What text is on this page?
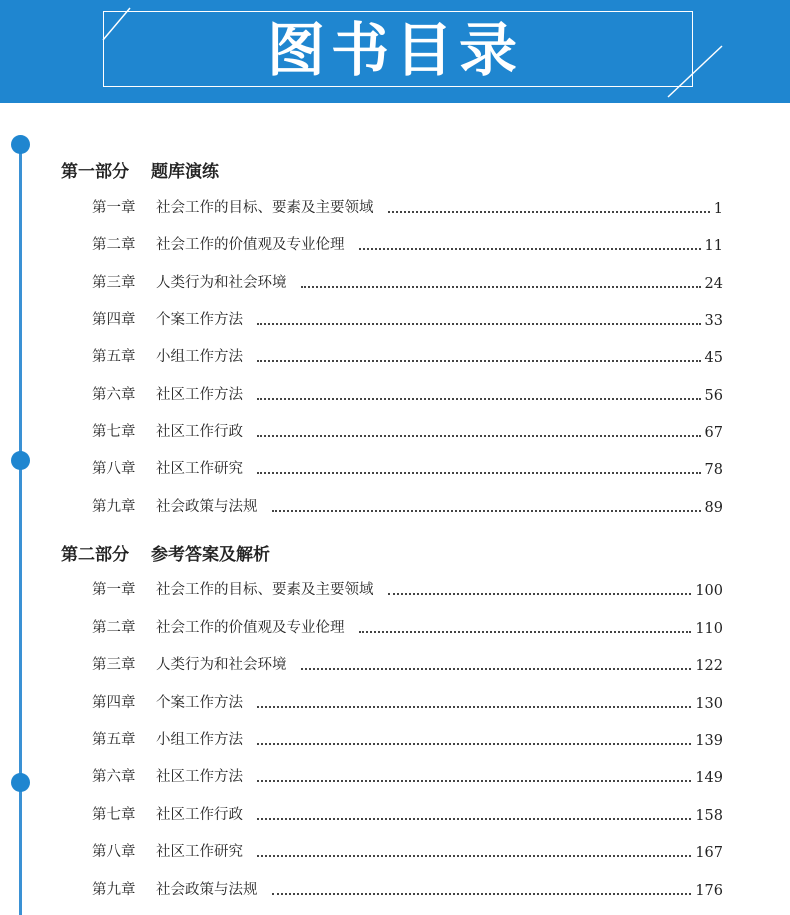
图书目录
第一部分 题库演练
第一章	社会工作的目标、要素及主要领域	1
第二章	社会工作的价值观及专业伦理	11
第三章	人类行为和社会环境	24
第四章	个案工作方法	33
第五章	小组工作方法	45
第六章	社区工作方法	56
第七章	社区工作行政	67
第八章	社区工作研究	78
第九章	社会政策与法规	89
第二部分 参考答案及解析
第一章	社会工作的目标、要素及主要领域	100
第二章	社会工作的价值观及专业伦理	110
第三章	人类行为和社会环境	122
第四章	个案工作方法	130
第五章	小组工作方法	139
第六章	社区工作方法	149
第七章	社区工作行政	158
第八章	社区工作研究	167
第九章	社会政策与法规	176
